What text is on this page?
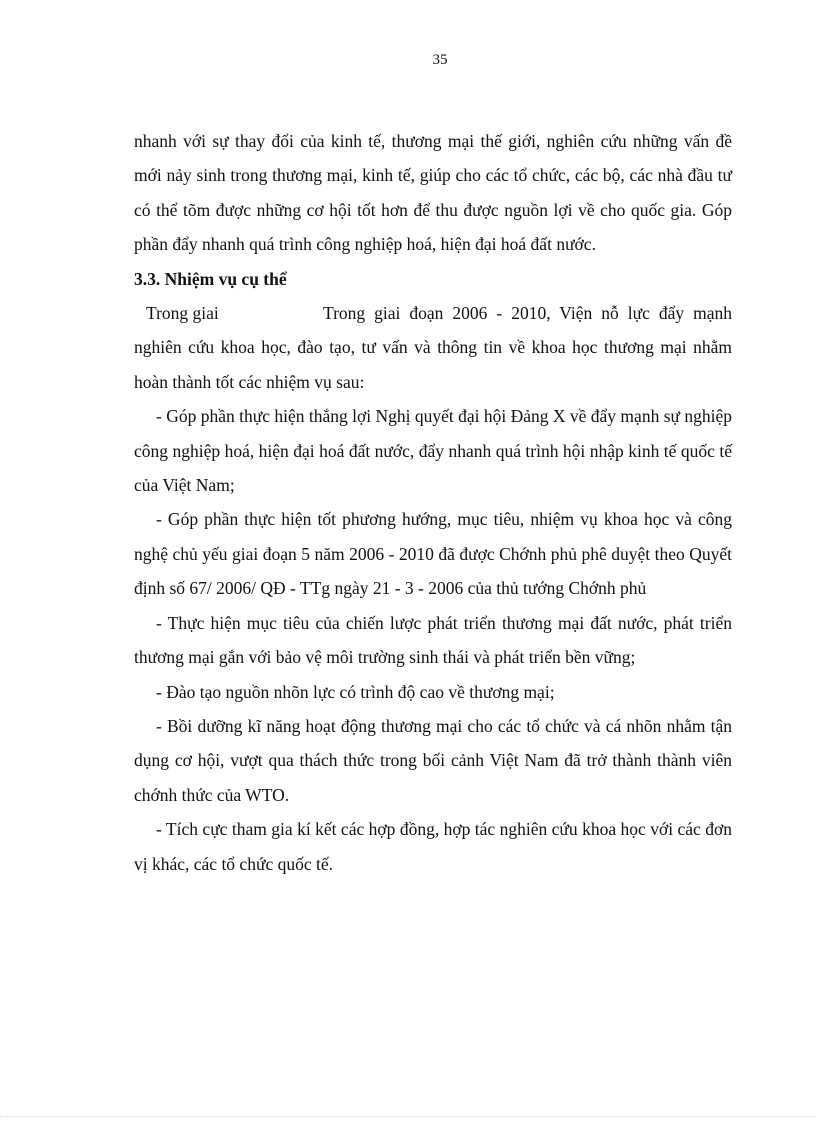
35

nhanh với sự thay đổi của kinh tế, thương mại thế giới, nghiên cứu những vấn đề mới nảy sinh trong thương mại, kinh tế, giúp cho các tổ chức, các bộ, các nhà đầu tư có thể tõm được những cơ hội tốt hơn để thu được nguồn lợi về cho quốc gia. Góp phần đẩy nhanh quá trình công nghiệp hoá, hiện đại hoá đất nước.

3.3. Nhiệm vụ cụ thể

Trong giai	Trong giai đoạn 2006 - 2010, Viện nỗ lực đẩy mạnh nghiên cứu khoa học, đào tạo, tư vấn và thông tin về khoa học thương mại nhằm hoàn thành tốt các nhiệm vụ sau:

- Góp phần thực hiện thắng lợi Nghị quyết đại hội Đảng X về đẩy mạnh sự nghiệp công nghiệp hoá, hiện đại hoá đất nước, đẩy nhanh quá trình hội nhập kinh tế quốc tế của Việt Nam;

- Góp phần thực hiện tốt phương hướng, mục tiêu, nhiệm vụ khoa học và công nghệ chủ yếu giai đoạn 5 năm 2006 - 2010 đã được Chớnh phủ phê duyệt theo Quyết định số 67/ 2006/ QĐ - TTg ngày 21 - 3 - 2006 của thủ tướng Chớnh phủ

- Thực hiện mục tiêu của chiến lược phát triển thương mại đất nước, phát triển thương mại gắn với bảo vệ môi trường sinh thái và phát triển bền vững;

- Đào tạo nguồn nhõn lực có trình độ cao về thương mại;

- Bồi dưỡng kĩ năng hoạt động thương mại cho các tổ chức và cá nhõn nhằm tận dụng cơ hội, vượt qua thách thức trong bối cảnh Việt Nam đã trở thành thành viên chớnh thức của WTO.

- Tích cực tham gia kí kết các hợp đồng, hợp tác nghiên cứu khoa học với các đơn vị khác, các tổ chức quốc tế.
